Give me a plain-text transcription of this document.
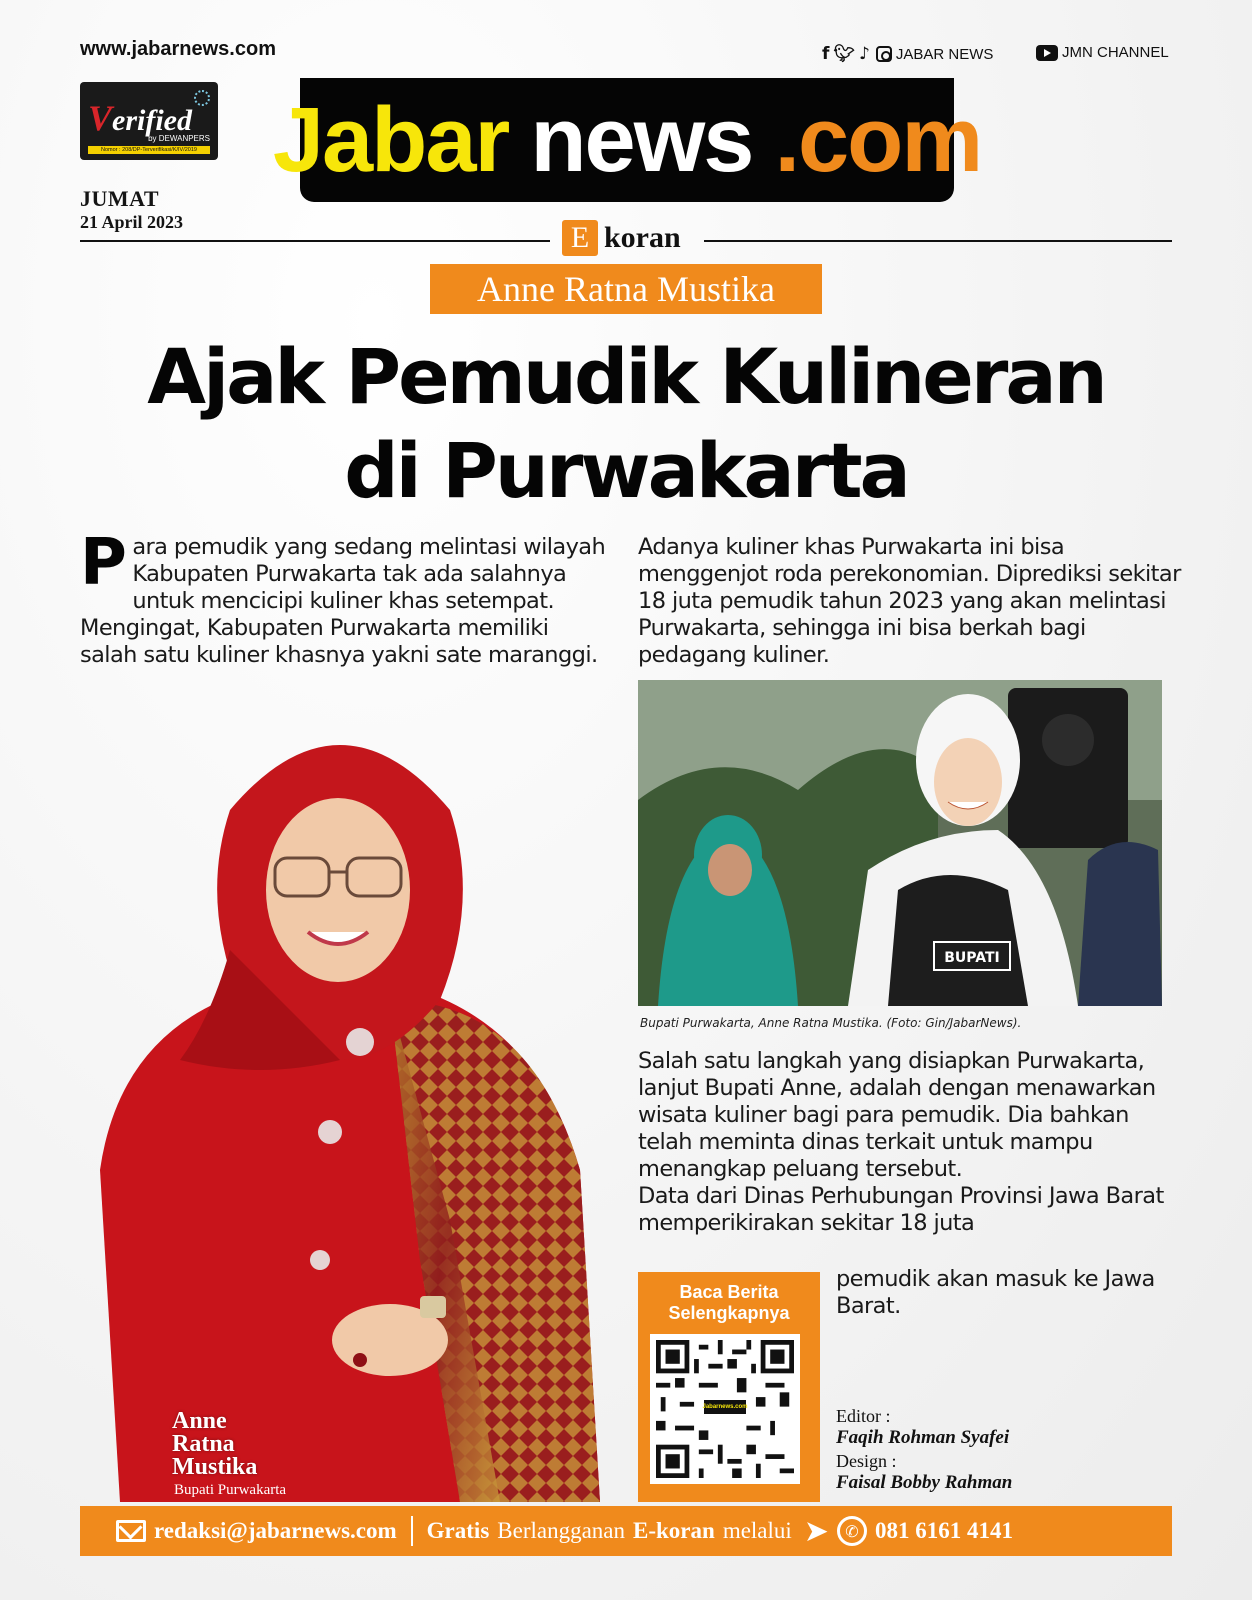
www.jabarnews.com	f 🐦︎ ♪ JABAR NEWS	JMN CHANNEL
Verified
by DEWANPERS
Nomor : 208/DP-Terverifikasi/K/IV/2019
JUMAT
21 April 2023
Jabar news .com
E koran
Anne Ratna Mustika
Ajak Pemudik Kulineran
di Purwakarta
P ara pemudik yang sedang melintasi wilayah Kabupaten Purwakarta tak ada salahnya untuk mencicipi kuliner khas setempat. Mengingat, Kabupaten Purwakarta memiliki salah satu kuliner khasnya yakni sate maranggi.
Anne
Ratna
Mustika
Bupati Purwakarta
Adanya kuliner khas Purwakarta ini bisa menggenjot roda perekonomian. Diprediksi sekitar 18 juta pemudik tahun 2023 yang akan melintasi Purwakarta, sehingga ini bisa berkah bagi pedagang kuliner.
BUPATI
Bupati Purwakarta, Anne Ratna Mustika. (Foto: Gin/JabarNews).
Salah satu langkah yang disiapkan Purwakarta, lanjut Bupati Anne, adalah dengan menawarkan wisata kuliner bagi para pemudik. Dia bahkan telah meminta dinas terkait untuk mampu menangkap peluang tersebut.
Data dari Dinas Perhubungan Provinsi Jawa Barat memperikirakan sekitar 18 juta
pemudik akan masuk ke Jawa Barat.
Baca Berita
Selengkapnya
Jabarnews.com	Editor :
Faqih Rohman Syafei
Design :
Faisal Bobby Rahman
redaksi@jabarnews.com Gratis Berlangganan E-koran melalui ➤	✆ 081 6161 4141
